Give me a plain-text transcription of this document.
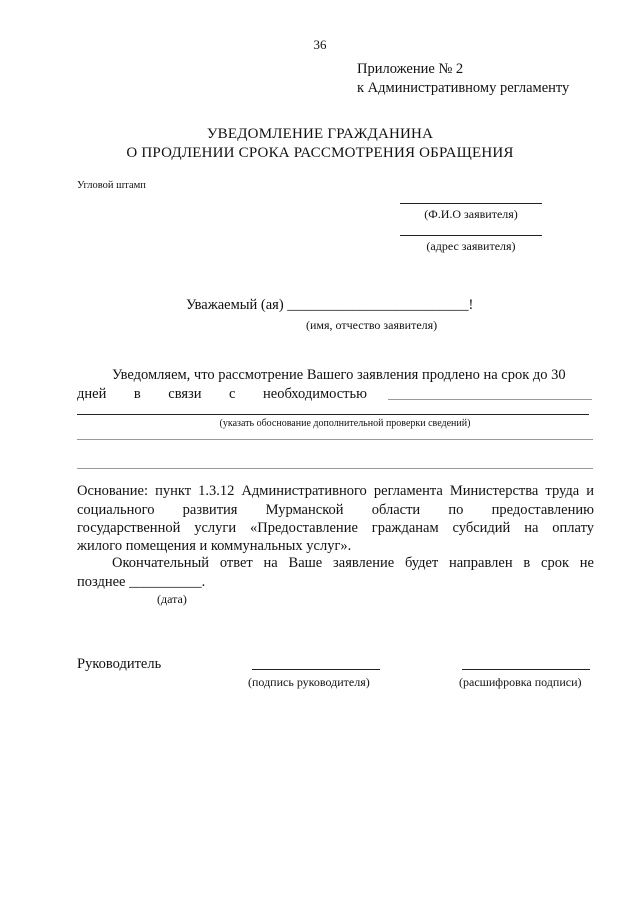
36
Приложение № 2
к Административному регламенту
УВЕДОМЛЕНИЕ ГРАЖДАНИНА
О ПРОДЛЕНИИ СРОКА РАССМОТРЕНИЯ ОБРАЩЕНИЯ
Угловой штамп
(Ф.И.О заявителя)
(адрес заявителя)
Уважаемый (ая) _________________________!
(имя, отчество заявителя)
Уведомляем, что рассмотрение Вашего заявления продлено на срок до 30
дней в связи с необходимостью
(указать обоснование дополнительной проверки сведений)
Основание: пункт 1.3.12 Административного регламента Министерства труда и
социального развития Мурманской области по предоставлению
государственной услуги «Предоставление гражданам субсидий на оплату
жилого помещения и коммунальных услуг».
Окончательный ответ на Ваше заявление будет направлен в срок не
позднее __________.
(дата)
Руководитель
(подпись руководителя)	(расшифровка подписи)
